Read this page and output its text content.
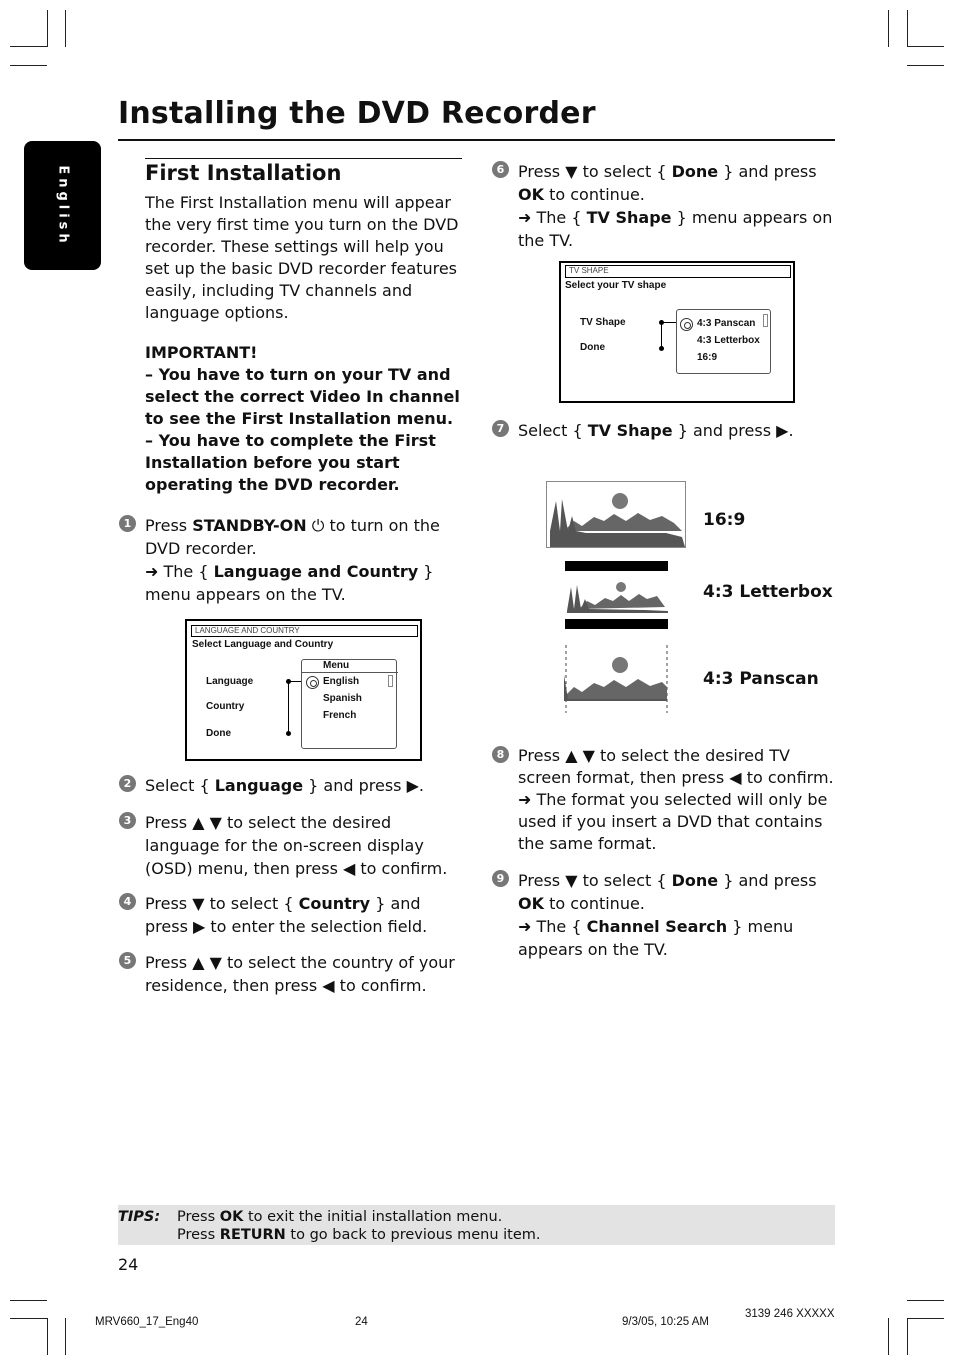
Installing the DVD Recorder
English	First Installation

The First Installation menu will appear the very first time you turn on the DVD recorder. These settings will help you set up the basic DVD recorder features easily, including TV channels and language options.

IMPORTANT!
– You have to turn on your TV and select the correct Video In channel to see the First Installation menu.
– You have to complete the First Installation before you start operating the DVD recorder.
1 Press STANDBY-ON ⏻ to turn on the DVD recorder.
➜ The { Language and Country } menu appears on the TV.
LANGUAGE AND COUNTRY
Select Language and Country
Language
Country
Done
Menu
English
Spanish
French
2 Select { Language } and press ▶.
3 Press ▲ ▼ to select the desired language for the on-screen display (OSD) menu, then press ◀ to confirm.
4 Press ▼ to select { Country } and press ▶ to enter the selection field.
5 Press ▲ ▼ to select the country of your residence, then press ◀ to confirm.
6 Press ▼ to select { Done } and press OK to continue.
➜ The { TV Shape } menu appears on the TV.
TV SHAPE
Select your TV shape
TV Shape
Done
4:3 Panscan
4:3 Letterbox
16:9
7 Select { TV Shape } and press ▶.
16:9
4:3 Letterbox
4:3 Panscan
8 Press ▲ ▼ to select the desired TV screen format, then press ◀ to confirm.
➜ The format you selected will only be used if you insert a DVD that contains the same format.
9 Press ▼ to select { Done } and press OK to continue.
➜ The { Channel Search } menu appears on the TV.
TIPS: Press OK to exit the initial installation menu.
Press RETURN to go back to previous menu item.
24
MRV660_17_Eng40	24	9/3/05, 10:25 AM
3139 246 XXXXX
